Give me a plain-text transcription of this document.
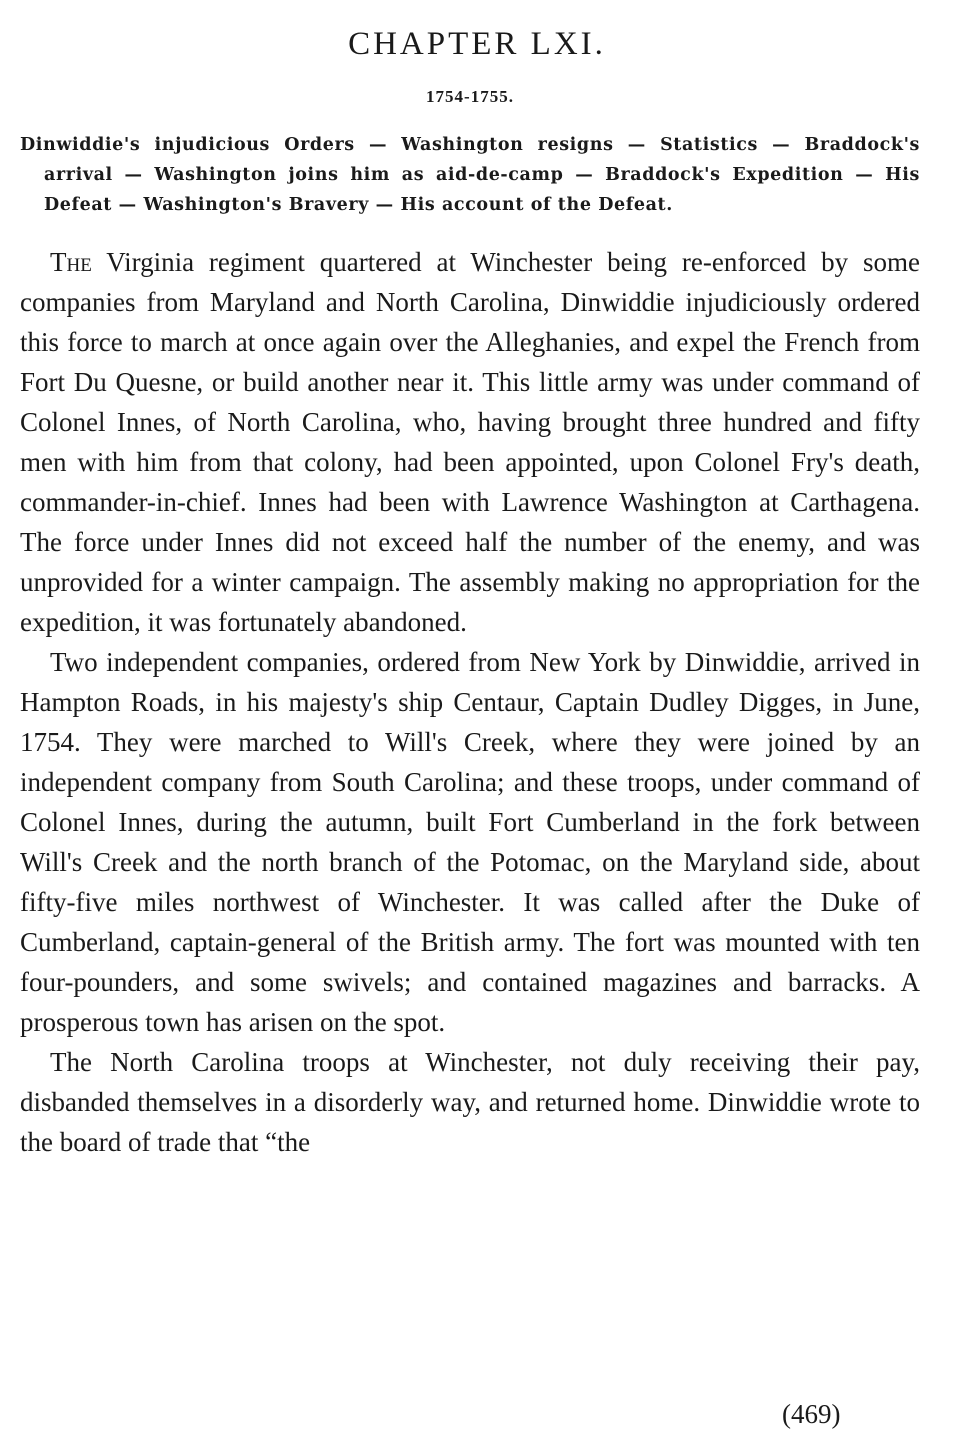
CHAPTER LXI.
1754-1755.
Dinwiddie's injudicious Orders — Washington resigns — Statistics — Braddock's arrival — Washington joins him as aid-de-camp — Braddock's Expedition — His Defeat — Washington's Bravery — His account of the Defeat.

The Virginia regiment quartered at Winchester being re-enforced by some companies from Maryland and North Carolina, Dinwiddie injudiciously ordered this force to march at once again over the Alleghanies, and expel the French from Fort Du Quesne, or build another near it. This little army was under command of Colonel Innes, of North Carolina, who, having brought three hundred and fifty men with him from that colony, had been appointed, upon Colonel Fry's death, commander-in-chief. Innes had been with Lawrence Washington at Carthagena. The force under Innes did not exceed half the number of the enemy, and was unprovided for a winter campaign. The assembly making no appropriation for the expedition, it was fortunately abandoned.

Two independent companies, ordered from New York by Dinwiddie, arrived in Hampton Roads, in his majesty's ship Centaur, Captain Dudley Digges, in June, 1754. They were marched to Will's Creek, where they were joined by an independent company from South Carolina; and these troops, under command of Colonel Innes, during the autumn, built Fort Cumberland in the fork between Will's Creek and the north branch of the Potomac, on the Maryland side, about fifty-five miles northwest of Winchester. It was called after the Duke of Cumberland, captain-general of the British army. The fort was mounted with ten four-pounders, and some swivels; and contained magazines and barracks. A prosperous town has arisen on the spot.

The North Carolina troops at Winchester, not duly receiving their pay, disbanded themselves in a disorderly way, and returned home. Dinwiddie wrote to the board of trade that “the

(469)
